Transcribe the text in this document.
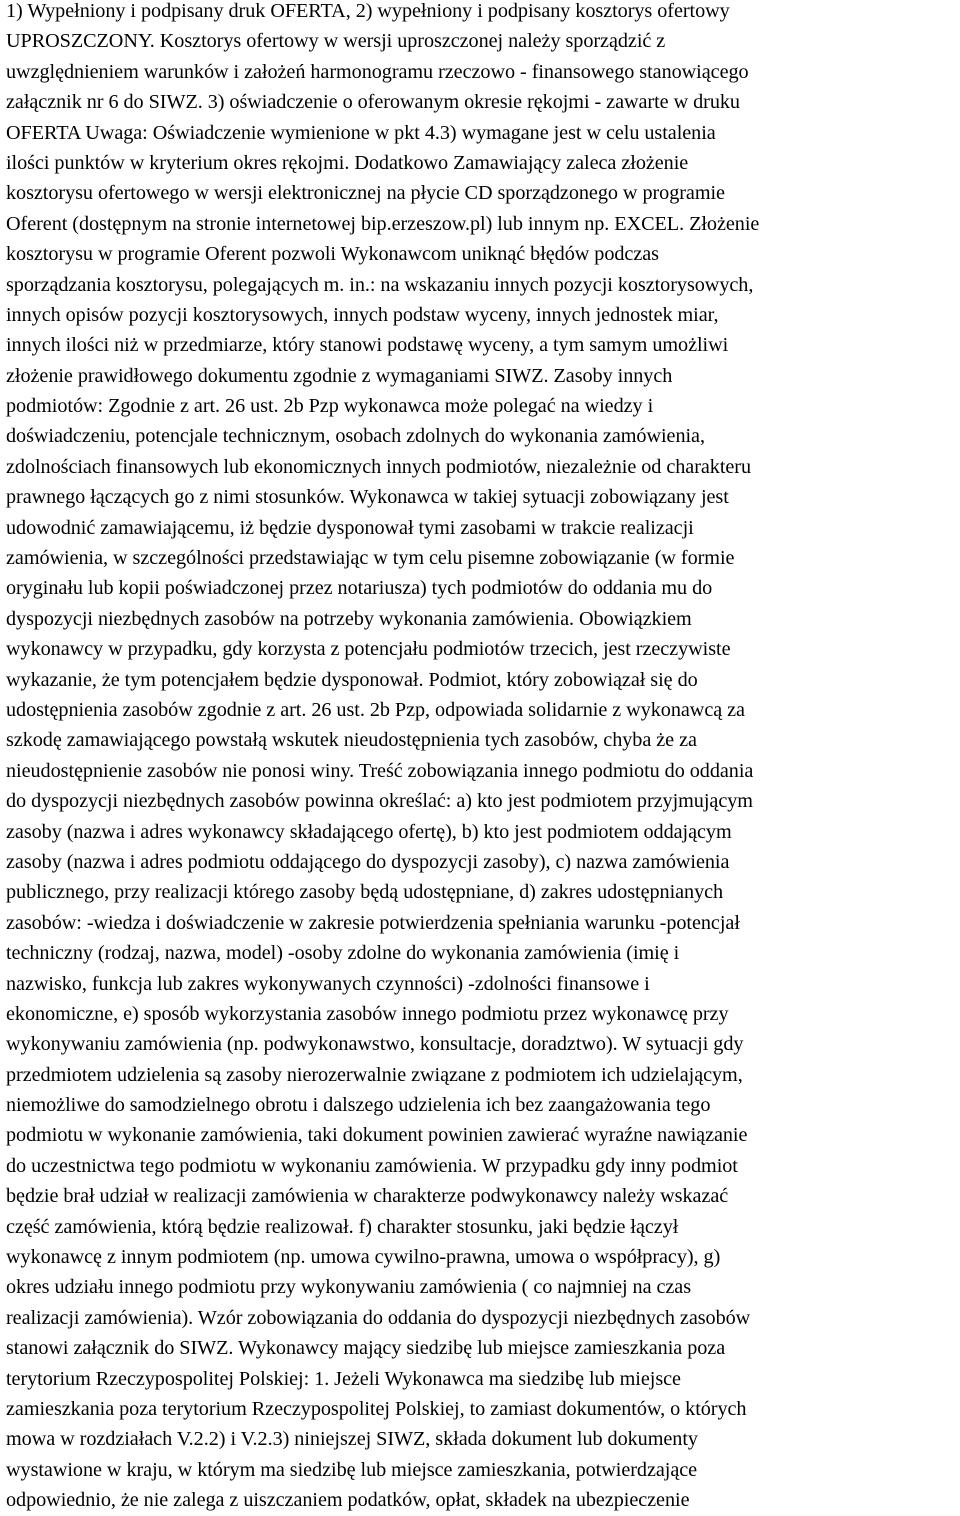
1) Wypełniony i podpisany druk OFERTA, 2) wypełniony i podpisany kosztorys ofertowy
UPROSZCZONY. Kosztorys ofertowy w wersji uproszczonej należy sporządzić z
uwzględnieniem warunków i założeń harmonogramu rzeczowo - finansowego stanowiącego
załącznik nr 6 do SIWZ. 3) oświadczenie o oferowanym okresie rękojmi - zawarte w druku
OFERTA Uwaga: Oświadczenie wymienione w pkt 4.3) wymagane jest w celu ustalenia
ilości punktów w kryterium okres rękojmi. Dodatkowo Zamawiający zaleca złożenie
kosztorysu ofertowego w wersji elektronicznej na płycie CD sporządzonego w programie
Oferent (dostępnym na stronie internetowej bip.erzeszow.pl) lub innym np. EXCEL. Złożenie
kosztorysu w programie Oferent pozwoli Wykonawcom uniknąć błędów podczas
sporządzania kosztorysu, polegających m. in.: na wskazaniu innych pozycji kosztorysowych,
innych opisów pozycji kosztorysowych, innych podstaw wyceny, innych jednostek miar,
innych ilości niż w przedmiarze, który stanowi podstawę wyceny, a tym samym umożliwi
złożenie prawidłowego dokumentu zgodnie z wymaganiami SIWZ. Zasoby innych
podmiotów: Zgodnie z art. 26 ust. 2b Pzp wykonawca może polegać na wiedzy i
doświadczeniu, potencjale technicznym, osobach zdolnych do wykonania zamówienia,
zdolnościach finansowych lub ekonomicznych innych podmiotów, niezależnie od charakteru
prawnego łączących go z nimi stosunków. Wykonawca w takiej sytuacji zobowiązany jest
udowodnić zamawiającemu, iż będzie dysponował tymi zasobami w trakcie realizacji
zamówienia, w szczególności przedstawiając w tym celu pisemne zobowiązanie (w formie
oryginału lub kopii poświadczonej przez notariusza) tych podmiotów do oddania mu do
dyspozycji niezbędnych zasobów na potrzeby wykonania zamówienia. Obowiązkiem
wykonawcy w przypadku, gdy korzysta z potencjału podmiotów trzecich, jest rzeczywiste
wykazanie, że tym potencjałem będzie dysponował. Podmiot, który zobowiązał się do
udostępnienia zasobów zgodnie z art. 26 ust. 2b Pzp, odpowiada solidarnie z wykonawcą za
szkodę zamawiającego powstałą wskutek nieudostępnienia tych zasobów, chyba że za
nieudostępnienie zasobów nie ponosi winy. Treść zobowiązania innego podmiotu do oddania
do dyspozycji niezbędnych zasobów powinna określać: a) kto jest podmiotem przyjmującym
zasoby (nazwa i adres wykonawcy składającego ofertę), b) kto jest podmiotem oddającym
zasoby (nazwa i adres podmiotu oddającego do dyspozycji zasoby), c) nazwa zamówienia
publicznego, przy realizacji którego zasoby będą udostępniane, d) zakres udostępnianych
zasobów: -wiedza i doświadczenie w zakresie potwierdzenia spełniania warunku -potencjał
techniczny (rodzaj, nazwa, model) -osoby zdolne do wykonania zamówienia (imię i
nazwisko, funkcja lub zakres wykonywanych czynności) -zdolności finansowe i
ekonomiczne, e) sposób wykorzystania zasobów innego podmiotu przez wykonawcę przy
wykonywaniu zamówienia (np. podwykonawstwo, konsultacje, doradztwo). W sytuacji gdy
przedmiotem udzielenia są zasoby nierozerwalnie związane z podmiotem ich udzielającym,
niemożliwe do samodzielnego obrotu i dalszego udzielenia ich bez zaangażowania tego
podmiotu w wykonanie zamówienia, taki dokument powinien zawierać wyraźne nawiązanie
do uczestnictwa tego podmiotu w wykonaniu zamówienia. W przypadku gdy inny podmiot
będzie brał udział w realizacji zamówienia w charakterze podwykonawcy należy wskazać
część zamówienia, którą będzie realizował. f) charakter stosunku, jaki będzie łączył
wykonawcę z innym podmiotem (np. umowa cywilno-prawna, umowa o współpracy), g)
okres udziału innego podmiotu przy wykonywaniu zamówienia ( co najmniej na czas
realizacji zamówienia). Wzór zobowiązania do oddania do dyspozycji niezbędnych zasobów
stanowi załącznik do SIWZ. Wykonawcy mający siedzibę lub miejsce zamieszkania poza
terytorium Rzeczypospolitej Polskiej: 1. Jeżeli Wykonawca ma siedzibę lub miejsce
zamieszkania poza terytorium Rzeczypospolitej Polskiej, to zamiast dokumentów, o których
mowa w rozdziałach V.2.2) i V.2.3) niniejszej SIWZ, składa dokument lub dokumenty
wystawione w kraju, w którym ma siedzibę lub miejsce zamieszkania, potwierdzające
odpowiednio, że nie zalega z uiszczaniem podatków, opłat, składek na ubezpieczenie
